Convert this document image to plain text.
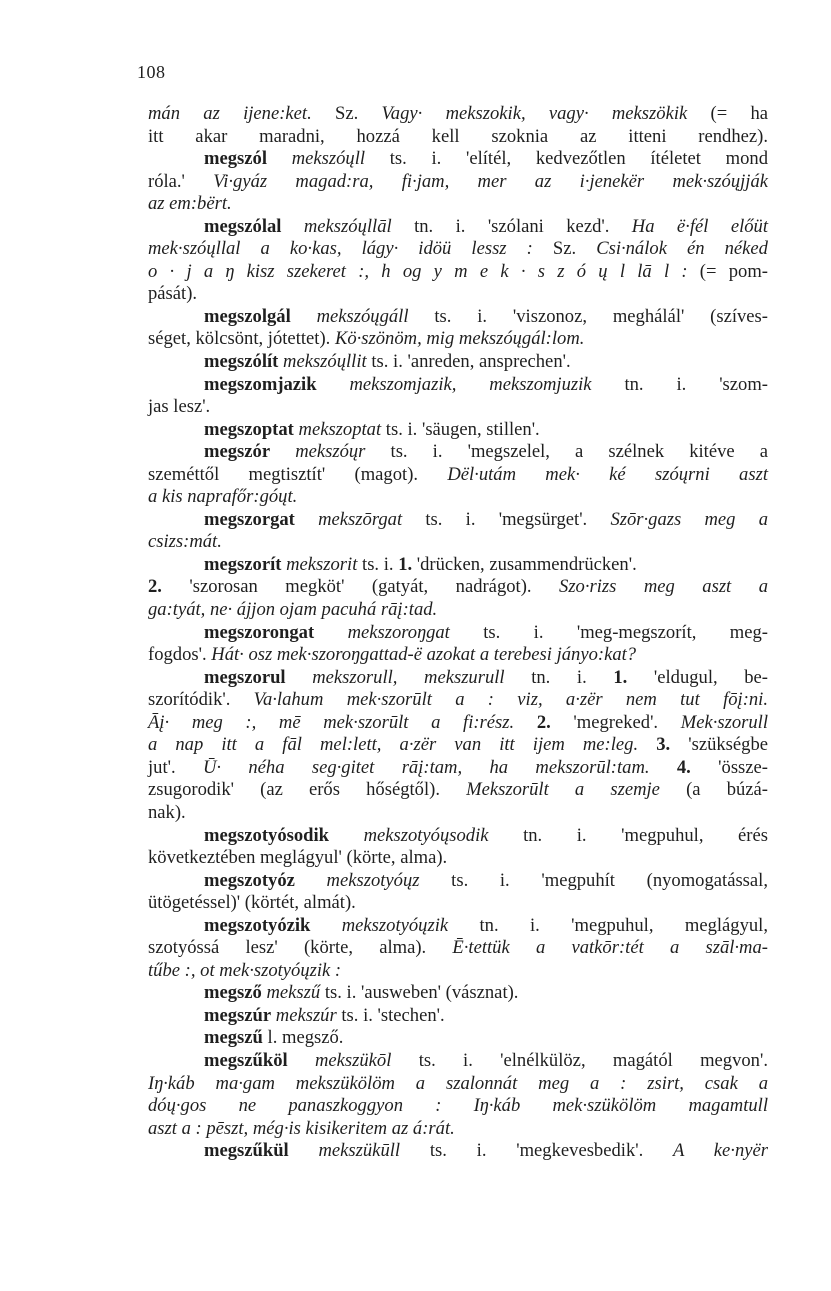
108
mán az ijene:ket. Sz. Vagy· mekszokik, vagy· mekszökik (= ha
itt akar maradni, hozzá kell szoknia az itteni rendhez).
megszól mekszóųll ts. i. 'elítél, kedvezőtlen ítéletet mond
róla.' Vi·gyáz magad:ra, fi·jam, mer az i·jenekër mek·szóųjják
az em:bërt.
megszólal mekszóųllāl tn. i. 'szólani kezd'. Ha ë·fél előüt
mek·szóųllal a ko·kas, lágy· idöü lessz : Sz. Csi·nálok én néked
o · j a ŋ kisz szekeret :, h og y m e k · s z ó ų l lā l : (= pom-
pását).
megszolgál mekszóųgáll ts. i. 'viszonoz, meghálál' (szíves-
séget, kölcsönt, jótettet). Kö·szönöm, mig mekszóųgál:lom.
megszólít mekszóųllit ts. i. 'anreden, ansprechen'.
megszomjazik mekszomjazik, mekszomjuzik tn. i. 'szom-
jas lesz'.
megszoptat mekszoptat ts. i. 'säugen, stillen'.
megszór mekszóųr ts. i. 'megszelel, a szélnek kitéve a
szeméttől megtisztít' (magot). Dël·utám mek· ké szóųrni aszt
a kis naprafőr:góųt.
megszorgat mekszōrgat ts. i. 'megsürget'. Szōr·gazs meg a
csizs:mát.
megszorít mekszorit ts. i. 1. 'drücken, zusammendrücken'.
2. 'szorosan megköt' (gatyát, nadrágot). Szo·rizs meg aszt a
ga:tyát, ne· ájjon ojam pacuhá rāį:tad.
megszorongat mekszoroŋgat ts. i. 'meg-megszorít, meg-
fogdos'. Hát· osz mek·szoroŋgattad-ë azokat a terebesi jányo:kat?
megszorul mekszorull, mekszurull tn. i. 1. 'eldugul, be-
szorítódik'. Va·lahum mek·szorūlt a : viz, a·zër nem tut fōį:ni.
Āį· meg :, mē mek·szorūlt a fi:rész. 2. 'megreked'. Mek·szorull
a nap itt a fāl mel:lett, a·zër van itt ijem me:leg. 3. 'szükségbe
jut'. Ū· néha seg·gitet rāį:tam, ha mekszorūl:tam. 4. 'össze-
zsugorodik' (az erős hőségtől). Mekszorūlt a szemje (a búzá-
nak).
megszotyósodik mekszotyóųsodik tn. i. 'megpuhul, érés
következtében meglágyul' (körte, alma).
megszotyóz mekszotyóųz ts. i. 'megpuhít (nyomogatással,
ütögetéssel)' (körtét, almát).
megszotyózik mekszotyóųzik tn. i. 'megpuhul, meglágyul,
szotyóssá lesz' (körte, alma). Ē·tettük a vatkōr:tét a szāl·ma-
tűbe :, ot mek·szotyóųzik :
megsző mekszű ts. i. 'ausweben' (vásznat).
megszúr mekszúr ts. i. 'stechen'.
megszű l. megsző.
megszűköl mekszükōl ts. i. 'elnélkülöz, magától megvon'.
Iŋ·káb ma·gam mekszükölöm a szalonnát meg a : zsirt, csak a
dóų·gos ne panaszkoggyon : Iŋ·káb mek·szükölöm magamtull
aszt a : pēszt, még·is kisikeritem az á:rát.
megszűkül mekszükūll ts. i. 'megkevesbedik'. A ke·nyër
